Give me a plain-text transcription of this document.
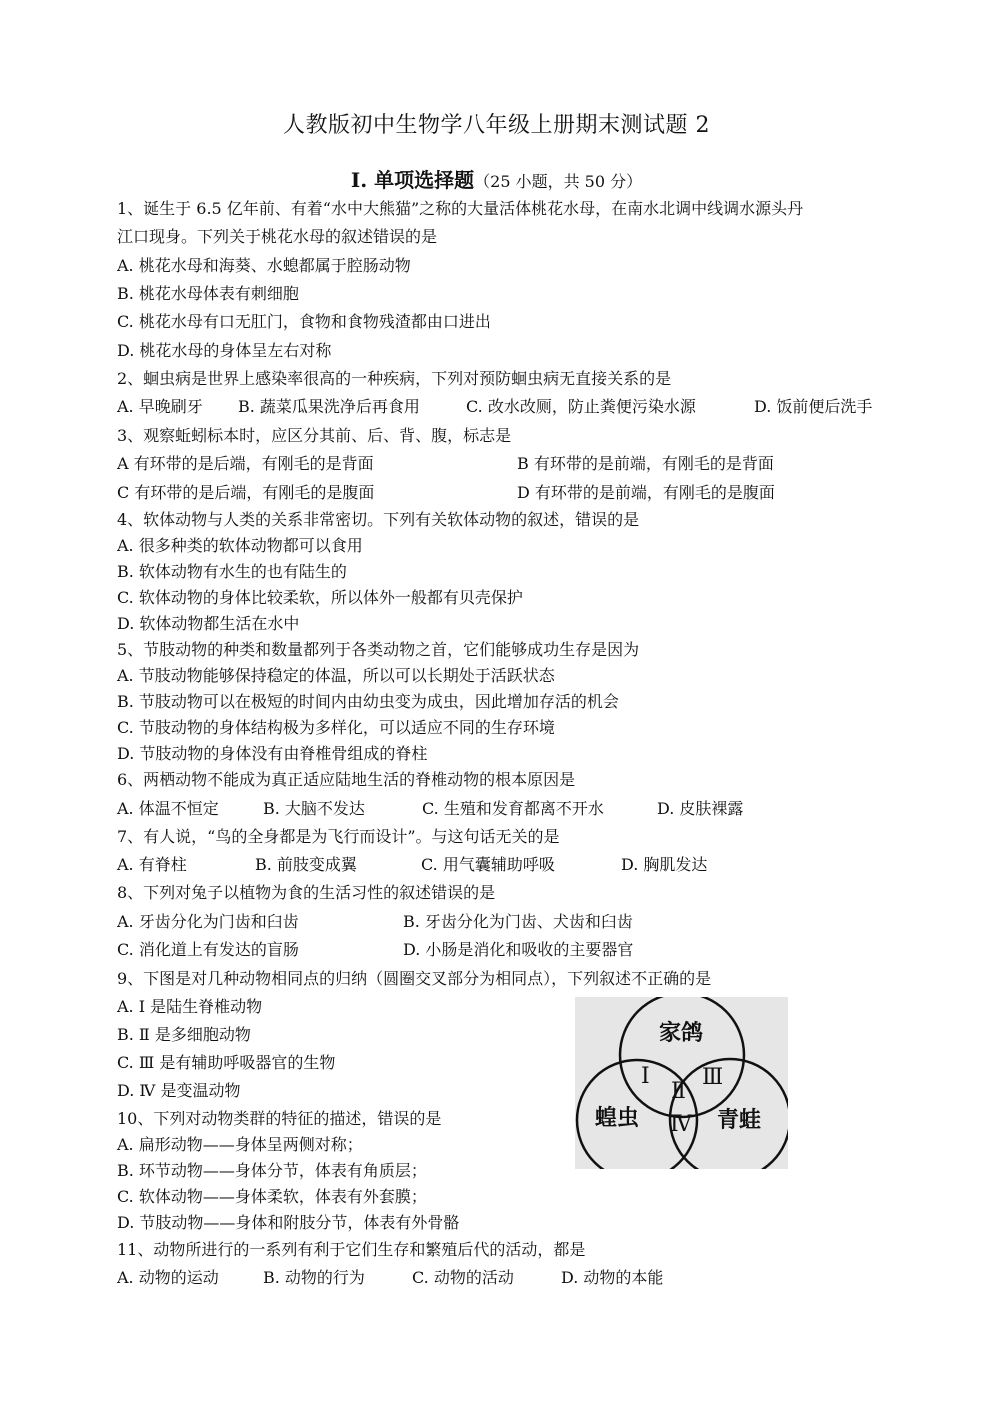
人教版初中生物学八年级上册期末测试题 2
I. 单项选择题（25 小题，共 50 分）
1、诞生于 6.5 亿年前、有着“水中大熊猫”之称的大量活体桃花水母，在南水北调中线调水源头丹
江口现身。下列关于桃花水母的叙述错误的是
A. 桃花水母和海葵、水螅都属于腔肠动物
B. 桃花水母体表有刺细胞
C. 桃花水母有口无肛门，食物和食物残渣都由口进出
D. 桃花水母的身体呈左右对称
2、蛔虫病是世界上感染率很高的一种疾病，下列对预防蛔虫病无直接关系的是
A. 早晚刷牙 B. 蔬菜瓜果洗净后再食用	C. 改水改厕，防止粪便污染水源	D. 饭前便后洗手
3、观察蚯蚓标本时，应区分其前、后、背、腹，标志是
A 有环带的是后端，有刚毛的是背面	B 有环带的是前端，有刚毛的是背面
C 有环带的是后端，有刚毛的是腹面	D 有环带的是前端，有刚毛的是腹面
4、软体动物与人类的关系非常密切。下列有关软体动物的叙述，错误的是
A. 很多种类的软体动物都可以食用
B. 软体动物有水生的也有陆生的
C. 软体动物的身体比较柔软，所以体外一般都有贝壳保护
D. 软体动物都生活在水中
5、节肢动物的种类和数量都列于各类动物之首，它们能够成功生存是因为
A. 节肢动物能够保持稳定的体温，所以可以长期处于活跃状态
B. 节肢动物可以在极短的时间内由幼虫变为成虫，因此增加存活的机会
C. 节肢动物的身体结构极为多样化，可以适应不同的生存环境
D. 节肢动物的身体没有由脊椎骨组成的脊柱
6、两栖动物不能成为真正适应陆地生活的脊椎动物的根本原因是
A. 体温不恒定	B. 大脑不发达	C. 生殖和发育都离不开水	D. 皮肤裸露
7、有人说，“鸟的全身都是为飞行而设计”。与这句话无关的是
A. 有脊柱	B. 前肢变成翼	C. 用气囊辅助呼吸	D. 胸肌发达
8、下列对兔子以植物为食的生活习性的叙述错误的是
A. 牙齿分化为门齿和臼齿	B. 牙齿分化为门齿、犬齿和臼齿
C. 消化道上有发达的盲肠	D. 小肠是消化和吸收的主要器官
9、下图是对几种动物相同点的归纳（圆圈交叉部分为相同点），下列叙述不正确的是
A. Ⅰ 是陆生脊椎动物
B. Ⅱ 是多细胞动物
C. Ⅲ 是有辅助呼吸器官的生物
D. Ⅳ 是变温动物
家鸽
蝗虫	青蛙
Ⅰ
Ⅱ
Ⅲ
Ⅳ
10、下列对动物类群的特征的描述，错误的是
A. 扁形动物——身体呈两侧对称；
B. 环节动物——身体分节，体表有角质层；
C. 软体动物——身体柔软，体表有外套膜；
D. 节肢动物——身体和附肢分节，体表有外骨骼
11、动物所进行的一系列有利于它们生存和繁殖后代的活动，都是
A. 动物的运动	B. 动物的行为	C. 动物的活动	D. 动物的本能
